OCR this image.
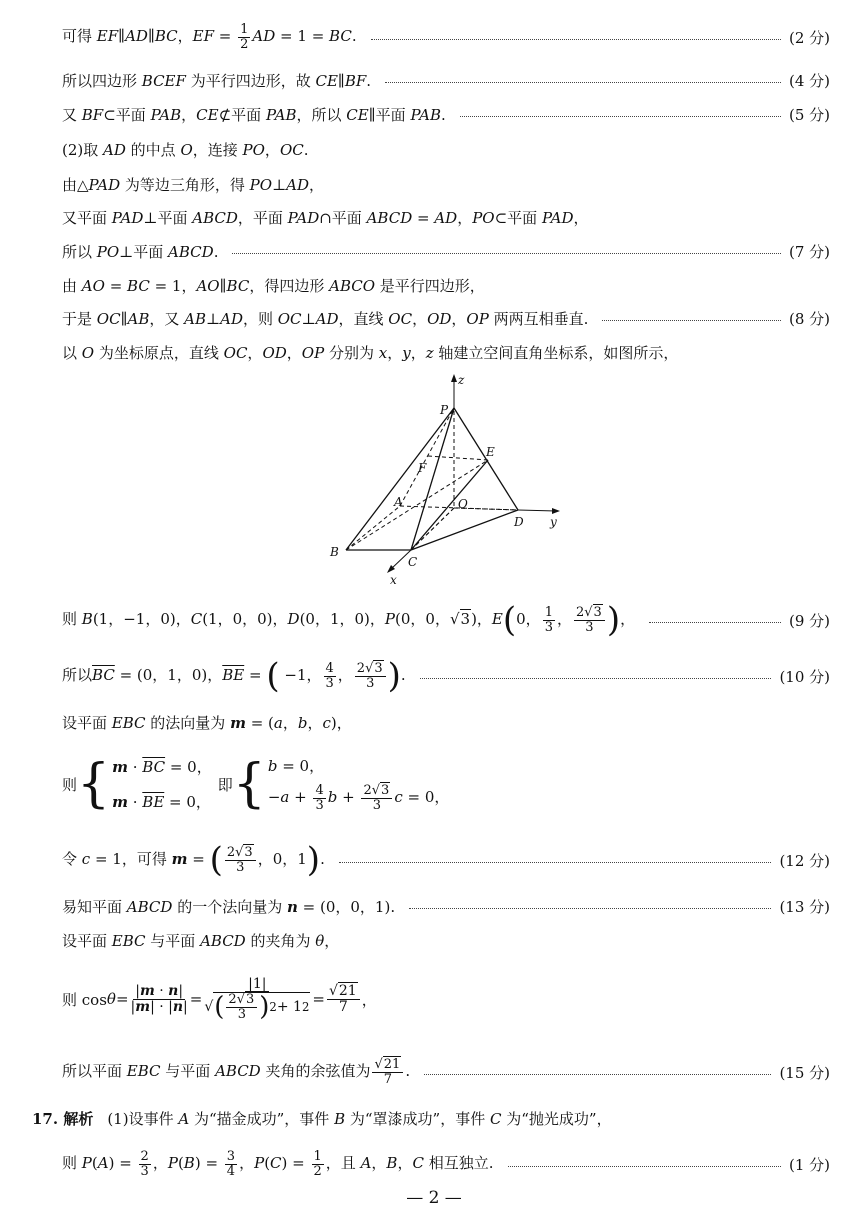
可得 EF∥AD∥BC，EF = $\frac{1}{2}$ AD = 1 = BC.	(2 分)
所以四边形 BCEF 为平行四边形，故 CE∥BF.	(4 分)
又 BF⊂平面 PAB，CE⊄平面 PAB，所以 CE∥平面 PAB.	(5 分)
(2)取 AD 的中点 O，连接 PO，OC.
由△PAD 为等边三角形，得 PO⊥AD，
又平面 PAD⊥平面 ABCD，平面 PAD∩平面 ABCD = AD，PO⊂平面 PAD，
所以 PO⊥平面 ABCD.	(7 分)
由 AO = BC = 1，AO∥BC，得四边形 ABCO 是平行四边形，
于是 OC∥AB，又 AB⊥AD，则 OC⊥AD，直线 OC，OD，OP 两两互相垂直.	(8 分)
以 O 为坐标原点，直线 OC，OD，OP 分别为 x，y，z 轴建立空间直角坐标系，如图所示，
z
y
x
P
E
F
A	O
D
B
C
则 B(1，−1，0)，C(1，0，0)，D(0，1，0)，P(0，0，√3)，E(0， $\frac{1}{3}$ ， $\frac{2√3}{3}$ )，	(9 分)
所以$\overline{BC} = (0$，1，0)，$\overline{BE}$ = ( −1， $\frac{4}{3}$ ， $\frac{2√3}{3}$ ).	(10 分)
设平面 EBC 的法向量为 m = (a，b，c)，
则 { $m \cdot \overline{BC} = 0$，
$m \cdot \overline{BE} = 0$，
即 { b = 0，
$-a + \frac{4}{3}$ $b + \frac{2√3}{3}$ c = 0，
令 c = 1，可得 m = ( $\frac{2√3}{3}$ ，0，1).	(12 分)
易知平面 ABCD 的一个法向量为 n = (0，0，1).	(13 分)
设平面 EBC 与平面 ABCD 的夹角为 θ，
则 $\cos \theta = \frac{|m \cdot n|}{|m| \cdot |n|} = \frac{|1|}{√ ( \frac{2√3}{3} ) 2 + 1 2} = \frac{√21}{7}$ ，
所以平面 EBC 与平面 ABCD 夹角的余弦值为 $\frac{√21}{7}$ .	(15 分)
17. 解析 (1)设事件 A 为“描金成功”，事件 B 为“罩漆成功”，事件 C 为“抛光成功”，
则 $P(A) = \frac{2}{3}$ ，$P(B) = \frac{3}{4}$ ，$P(C) = \frac{1}{2}$ ，且 A，B，C 相互独立.	(1 分)
— 2 —
